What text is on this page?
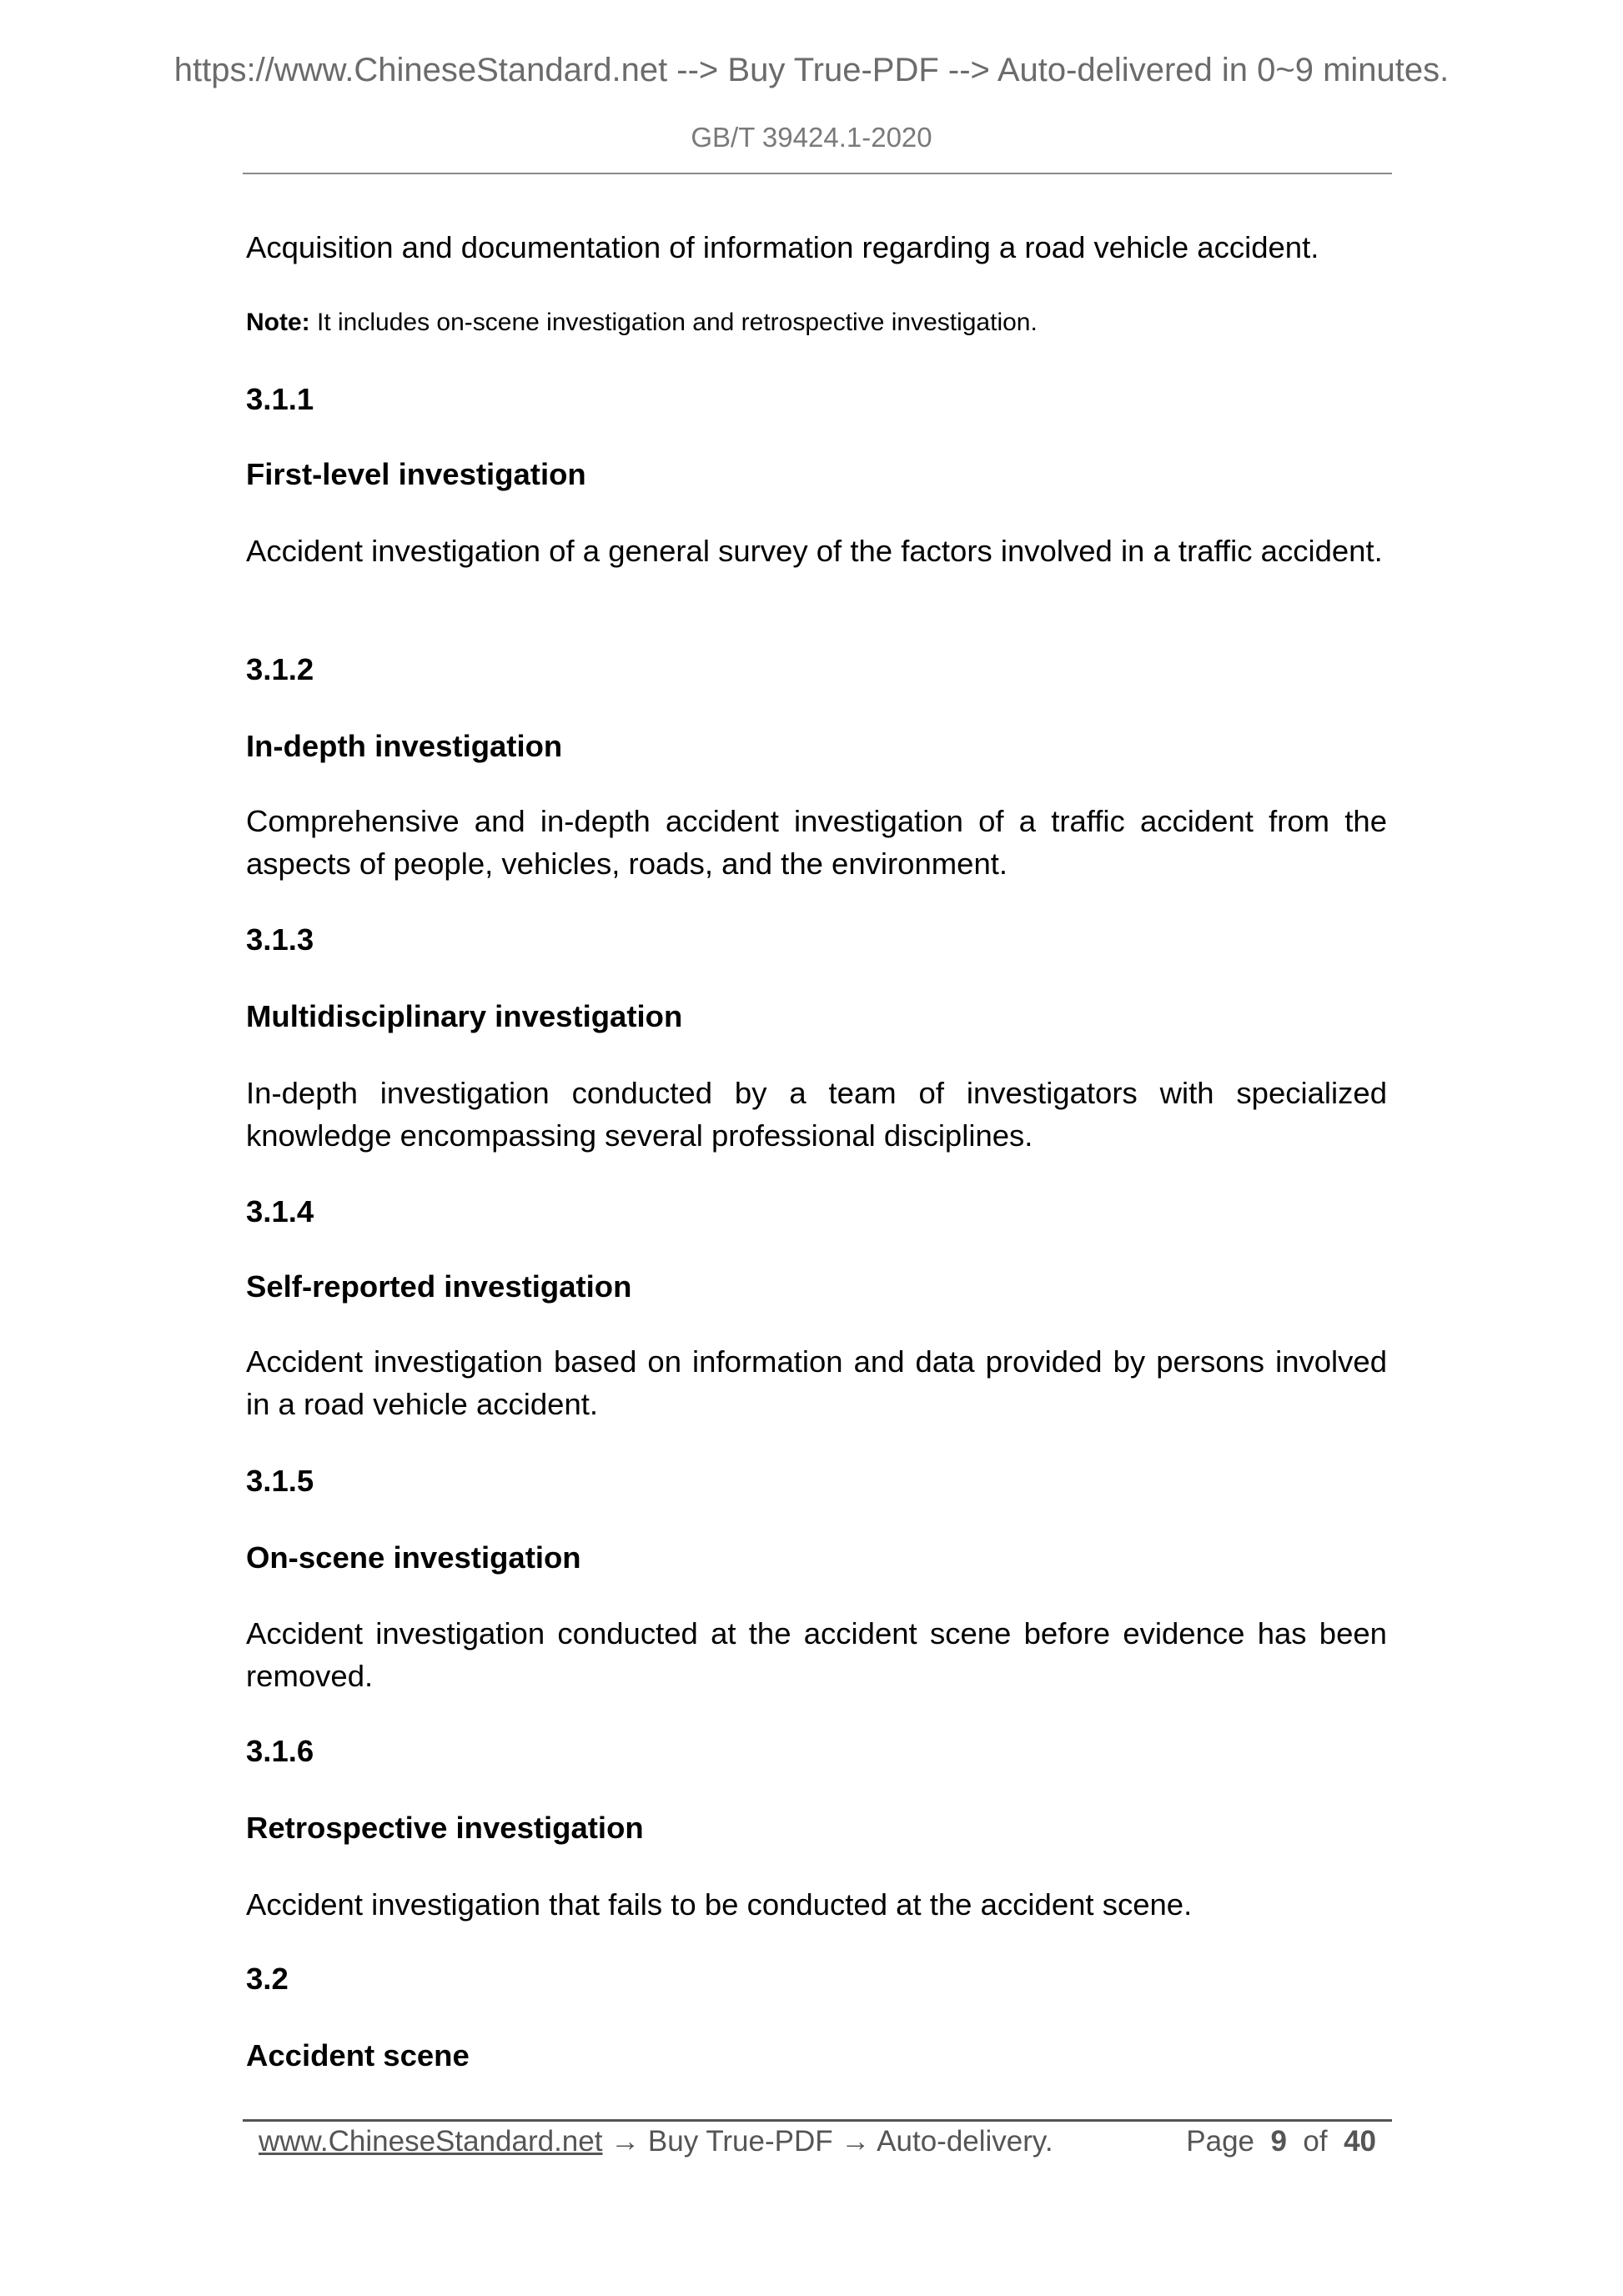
https://www.ChineseStandard.net --> Buy True-PDF --> Auto-delivered in 0~9 minutes.
GB/T 39424.1-2020
Acquisition and documentation of information regarding a road vehicle accident.
Note: It includes on-scene investigation and retrospective investigation.
3.1.1
First-level investigation
Accident investigation of a general survey of the factors involved in a traffic accident.
3.1.2
In-depth investigation
Comprehensive and in-depth accident investigation of a traffic accident from the aspects of people, vehicles, roads, and the environment.
3.1.3
Multidisciplinary investigation
In-depth investigation conducted by a team of investigators with specialized knowledge encompassing several professional disciplines.
3.1.4
Self-reported investigation
Accident investigation based on information and data provided by persons involved in a road vehicle accident.
3.1.5
On-scene investigation
Accident investigation conducted at the accident scene before evidence has been removed.
3.1.6
Retrospective investigation
Accident investigation that fails to be conducted at the accident scene.
3.2
Accident scene
www.ChineseStandard.net → Buy True-PDF → Auto-delivery.	Page 9 of 40
